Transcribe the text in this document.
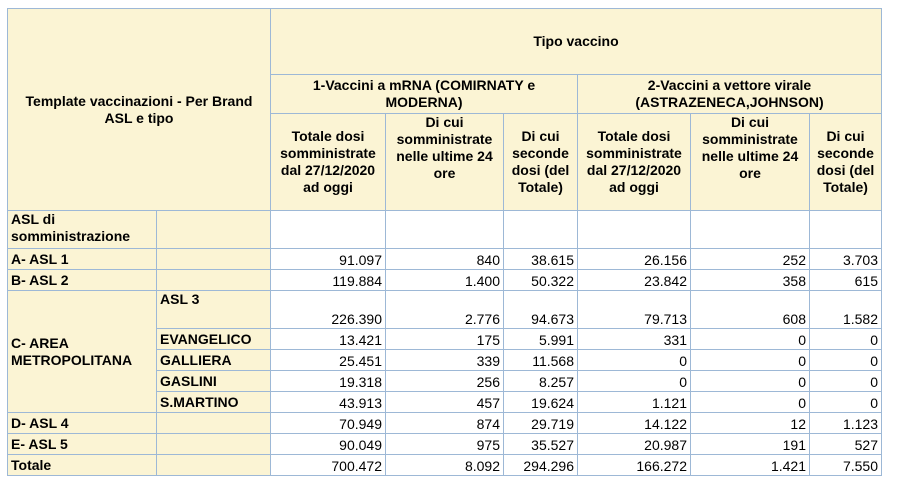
Template vaccinazioni - Per Brand ASL e tipo		Tipo vaccino					
		1-Vaccini a mRNA (COMIRNATY e MODERNA)			2-Vaccini a vettore virale (ASTRAZENECA,JOHNSON)		
		Totale dosi somministrate dal 27/12/2020 ad oggi	Di cui somministrate nelle ultime 24
ore	Di cui seconde dosi (del Totale)	Totale dosi somministrate dal 27/12/2020 ad oggi	Di cui somministrate nelle ultime 24
ore	Di cui seconde dosi (del Totale)
ASL di somministrazione							
A- ASL 1		91.097	840	38.615	26.156	252	3.703
B- ASL 2		119.884	1.400	50.322	23.842	358	615
C- AREA METROPOLITANA	ASL 3	226.390	2.776	94.673	79.713	608	1.582
	EVANGELICO	13.421	175	5.991	331	0	0
	GALLIERA	25.451	339	11.568	0	0	0
	GASLINI	19.318	256	8.257	0	0	0
	S.MARTINO	43.913	457	19.624	1.121	0	0
D- ASL 4		70.949	874	29.719	14.122	12	1.123
E- ASL 5		90.049	975	35.527	20.987	191	527
Totale		700.472	8.092	294.296	166.272	1.421	7.550
